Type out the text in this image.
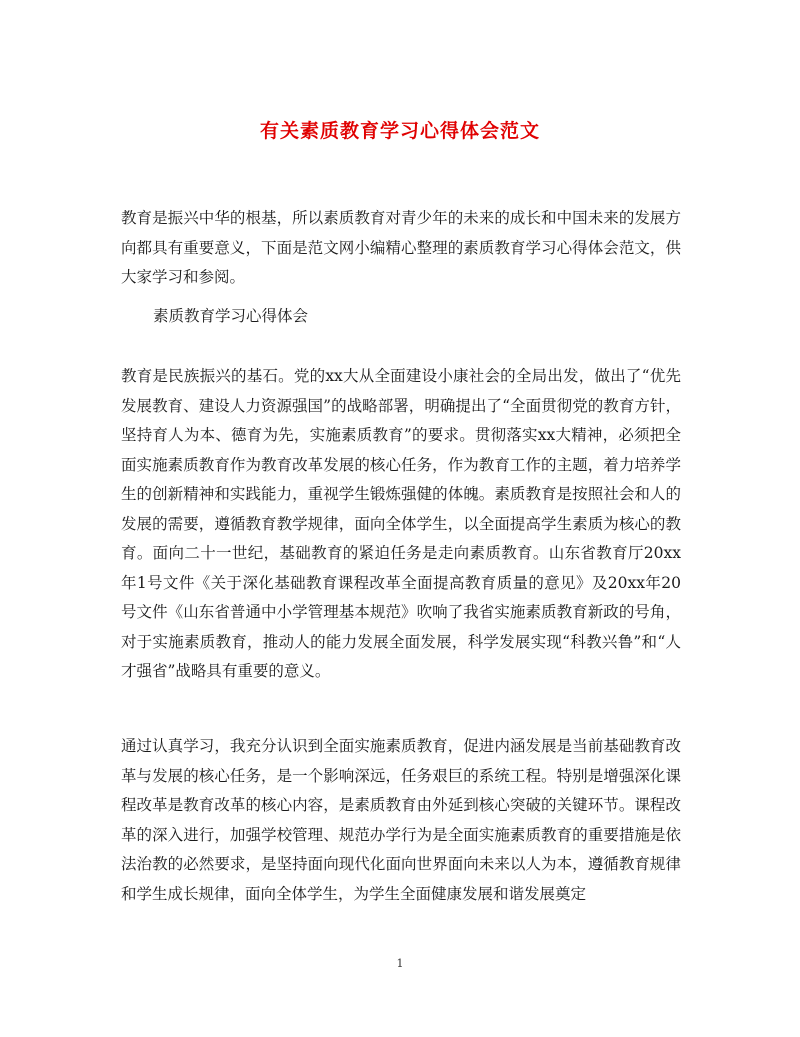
有关素质教育学习心得体会范文
教育是振兴中华的根基，所以素质教育对青少年的未来的成长和中国未来的发展方向都具有重要意义，下面是范文网小编精心整理的素质教育学习心得体会范文，供大家学习和参阅。
素质教育学习心得体会
教育是民族振兴的基石。党的xx大从全面建设小康社会的全局出发，做出了“优先发展教育、建设人力资源强国”的战略部署，明确提出了“全面贯彻党的教育方针，坚持育人为本、德育为先，实施素质教育”的要求。贯彻落实xx大精神，必须把全面实施素质教育作为教育改革发展的核心任务，作为教育工作的主题，着力培养学生的创新精神和实践能力，重视学生锻炼强健的体魄。素质教育是按照社会和人的发展的需要，遵循教育教学规律，面向全体学生，以全面提高学生素质为核心的教育。面向二十一世纪，基础教育的紧迫任务是走向素质教育。山东省教育厅20xx年1号文件《关于深化基础教育课程改革全面提高教育质量的意见》及20xx年20号文件《山东省普通中小学管理基本规范》吹响了我省实施素质教育新政的号角，对于实施素质教育，推动人的能力发展全面发展，科学发展实现“科教兴鲁”和“人才强省”战略具有重要的意义。
通过认真学习，我充分认识到全面实施素质教育，促进内涵发展是当前基础教育改革与发展的核心任务，是一个影响深远，任务艰巨的系统工程。特别是增强深化课程改革是教育改革的核心内容，是素质教育由外延到核心突破的关键环节。课程改革的深入进行，加强学校管理、规范办学行为是全面实施素质教育的重要措施是依法治教的必然要求，是坚持面向现代化面向世界面向未来以人为本，遵循教育规律和学生成长规律，面向全体学生，为学生全面健康发展和谐发展奠定
1
